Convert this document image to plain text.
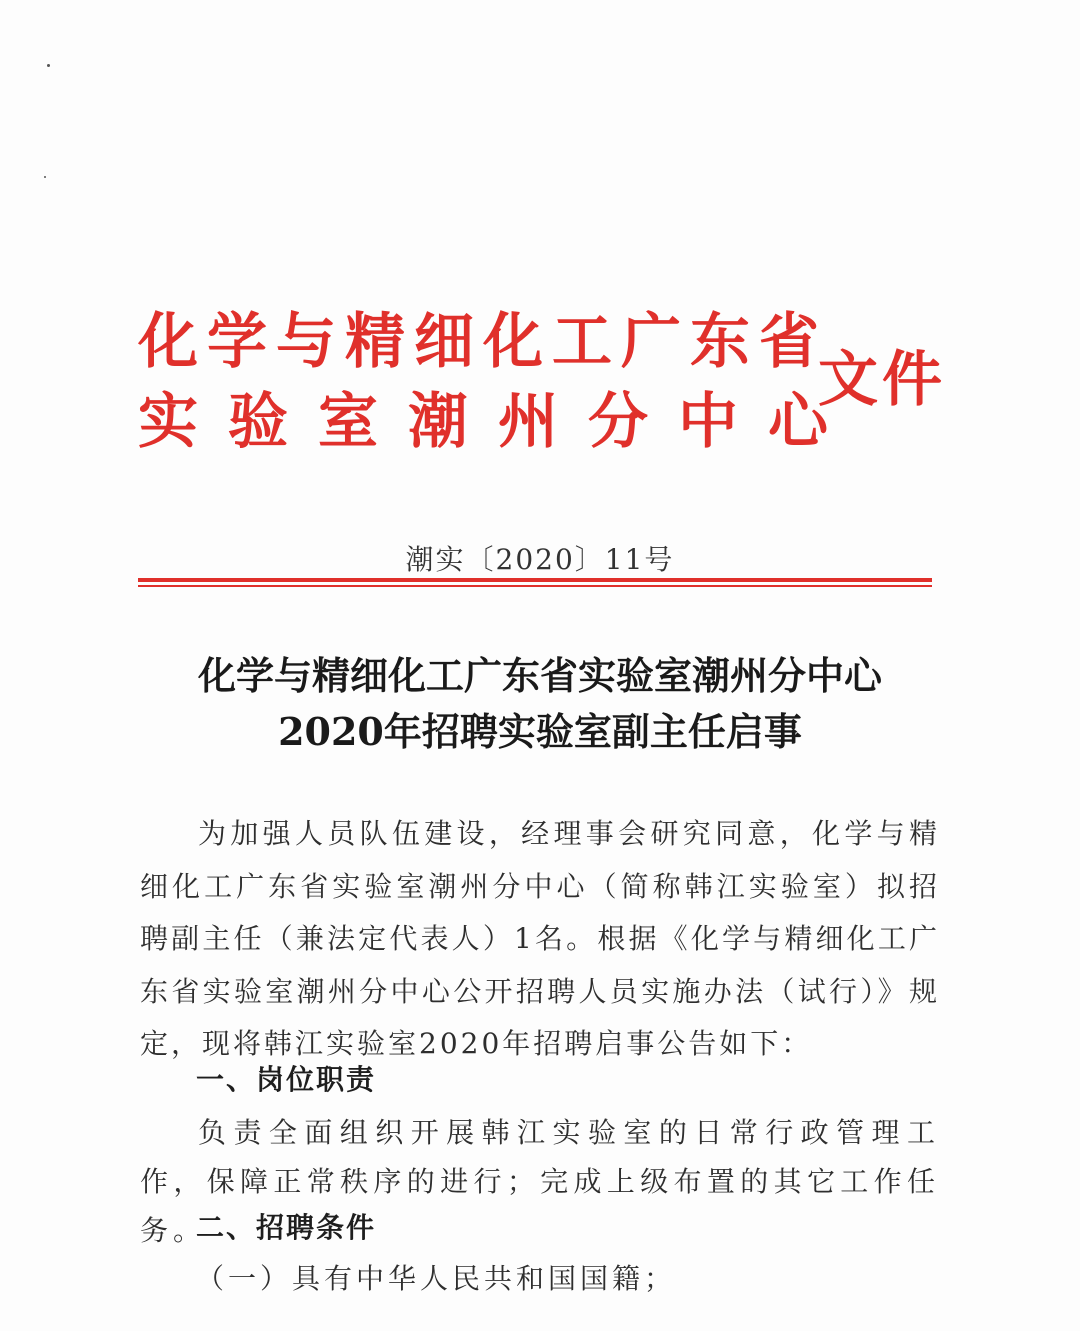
化学与精细化工广东省
实验室潮州分中心
文件
潮实〔2020〕11号
化学与精细化工广东省实验室潮州分中心
2020年招聘实验室副主任启事
为加强人员队伍建设，经理事会研究同意，化学与精细化工广东省实验室潮州分中心（简称韩江实验室）拟招聘副主任（兼法定代表人）1名。根据《化学与精细化工广东省实验室潮州分中心公开招聘人员实施办法（试行）》规定，现将韩江实验室2020年招聘启事公告如下：
一、岗位职责
负责全面组织开展韩江实验室的日常行政管理工作，保障正常秩序的进行；完成上级布置的其它工作任务。
二、招聘条件
（一）具有中华人民共和国国籍；
